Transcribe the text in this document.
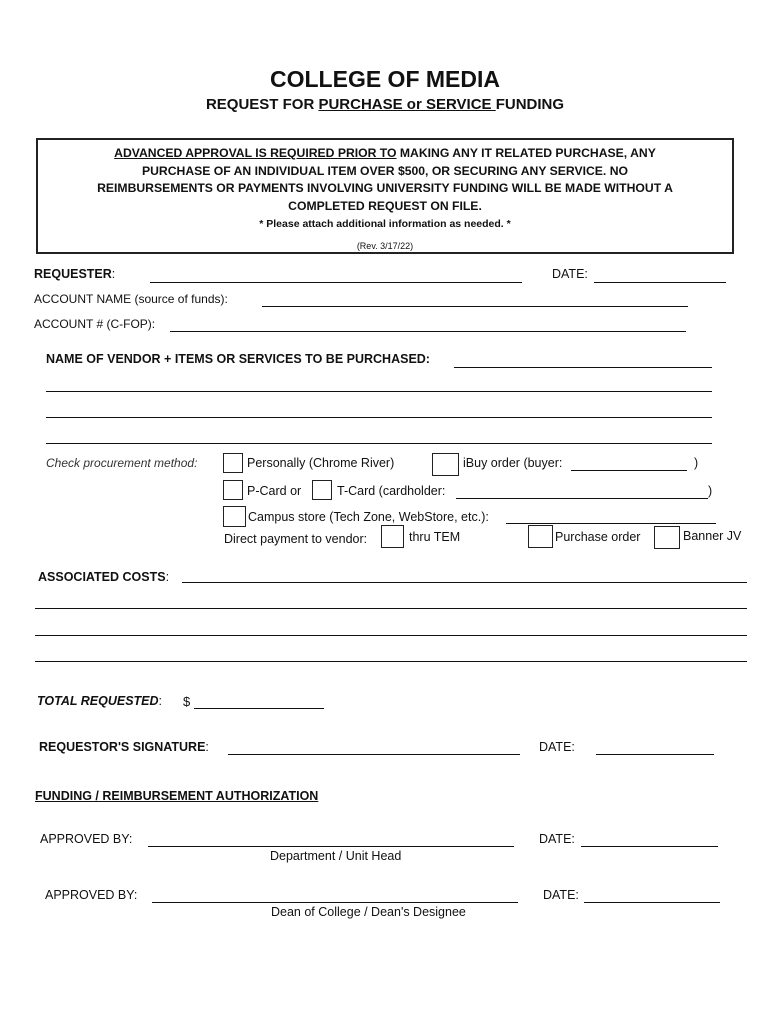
COLLEGE OF MEDIA
REQUEST FOR PURCHASE or SERVICE FUNDING
ADVANCED APPROVAL IS REQUIRED PRIOR TO MAKING ANY IT RELATED PURCHASE, ANY
PURCHASE OF AN INDIVIDUAL ITEM OVER $500, OR SECURING ANY SERVICE. NO
REIMBURSEMENTS OR PAYMENTS INVOLVING UNIVERSITY FUNDING WILL BE MADE WITHOUT A
COMPLETED REQUEST ON FILE.
* Please attach additional information as needed. *
(Rev. 3/17/22)
REQUESTER:	DATE:
ACCOUNT NAME (source of funds):
ACCOUNT # (C-FOP):
NAME OF VENDOR + ITEMS OR SERVICES TO BE PURCHASED:
Check procurement method:	Personally (Chrome River)	iBuy order (buyer:	)
P-Card or	T-Card (cardholder:	)
Campus store (Tech Zone, WebStore, etc.):
Direct payment to vendor:	thru TEM	Purchase order	Banner JV
ASSOCIATED COSTS:
TOTAL REQUESTED: $
REQUESTOR'S SIGNATURE:	DATE:
FUNDING / REIMBURSEMENT AUTHORIZATION
APPROVED BY:
Department / Unit Head
DATE:
APPROVED BY:
Dean of College / Dean's Designee
DATE:
